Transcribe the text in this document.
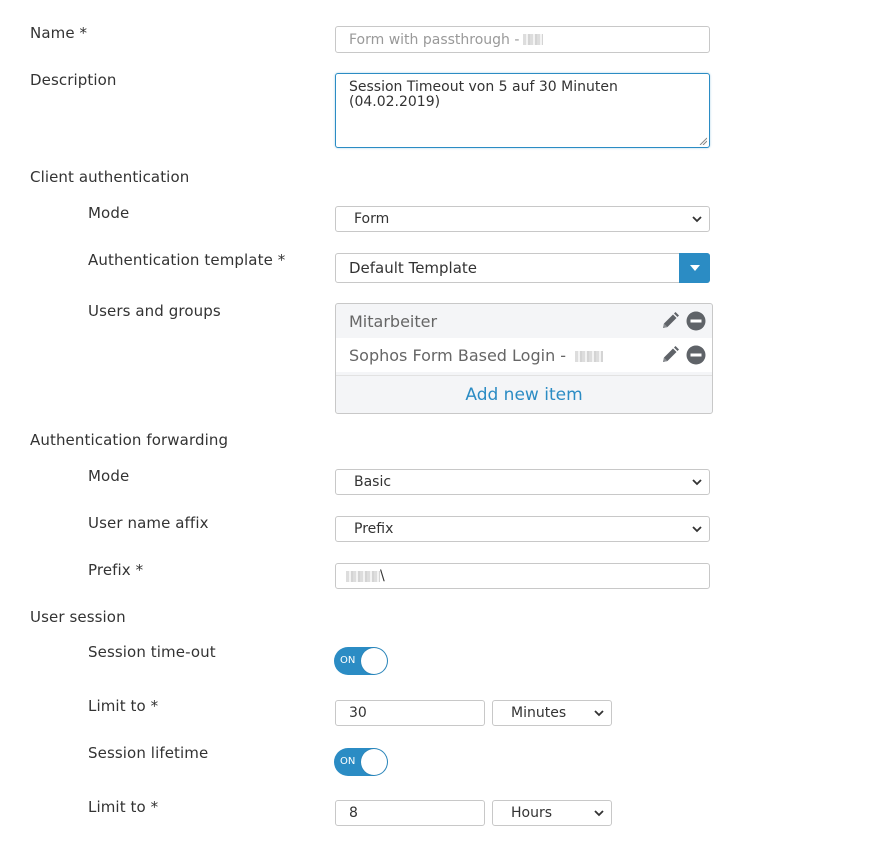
Name *	Form with passthrough -
Description	Session Timeout von 5 auf 30 Minuten
(04.02.2019)
Client authentication
Mode	Form
Authentication template *	Default Template
Users and groups
Mitarbeiter
Sophos Form Based Login -
Add new item
Authentication forwarding
Mode	Basic
User name affix	Prefix
Prefix *	\
User session
Session time-out	ON
Limit to *	30	Minutes
Session lifetime	ON
Limit to *	8	Hours
